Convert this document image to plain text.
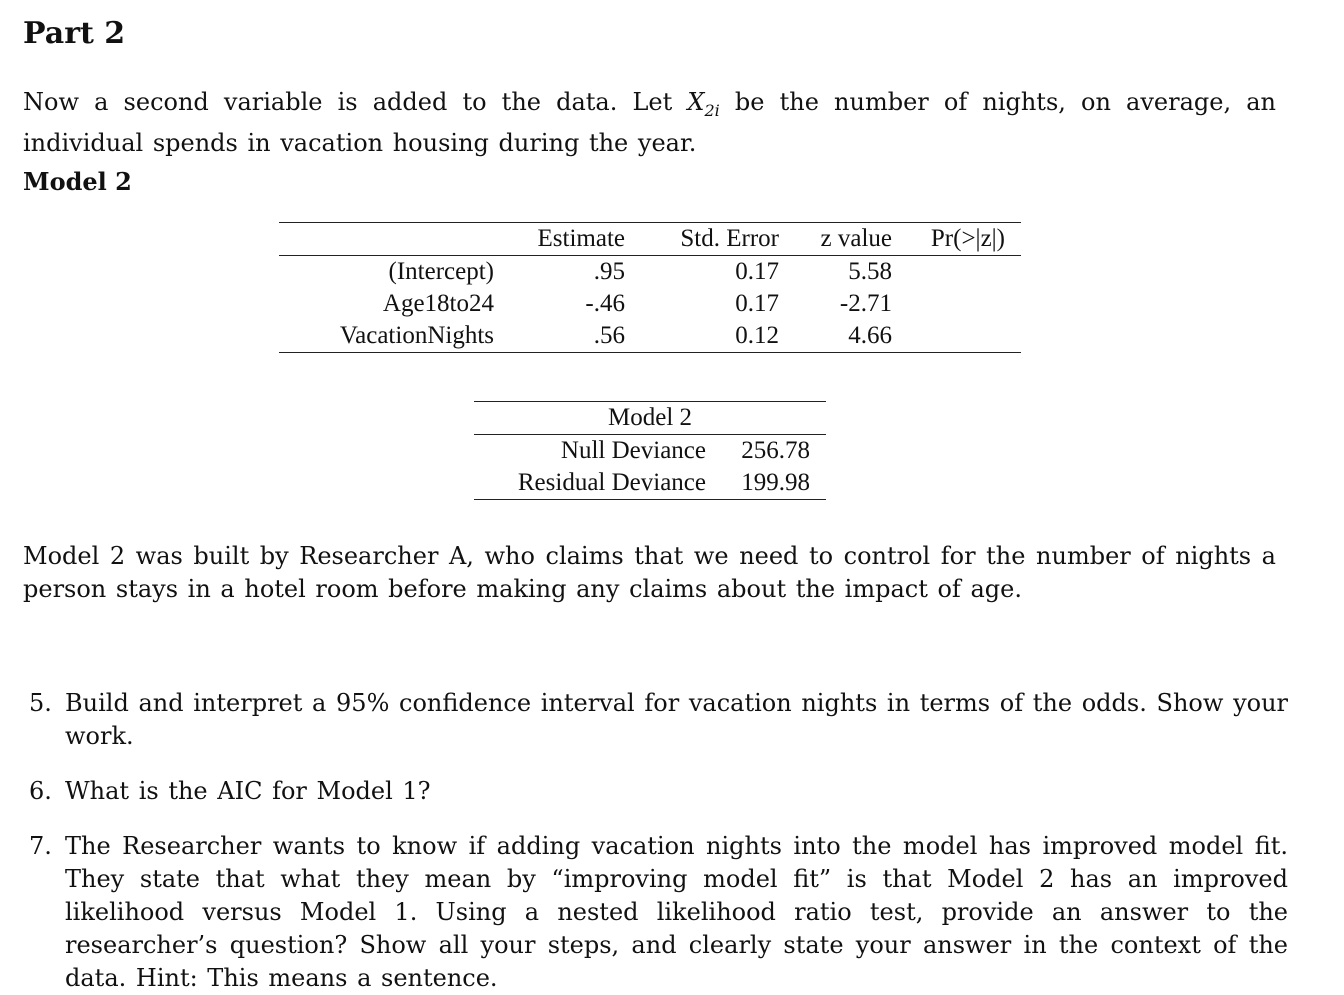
Part 2
Now a second variable is added to the data. Let $X_{2i}$ be the number of nights, on average, an individual spends in vacation housing during the year.
Model 2
	Estimate	Std. Error	z value	Pr(>|z|)
(Intercept)	.95	0.17	5.58	
Age18to24	-.46	0.17	-2.71	
VacationNights	.56	0.12	4.66	
Model 2	
Null Deviance	256.78
Residual Deviance	199.98
Model 2 was built by Researcher A, who claims that we need to control for the number of nights a person stays in a hotel room before making any claims about the impact of age.
5. Build and interpret a 95% confidence interval for vacation nights in terms of the odds. Show your work.
6. What is the AIC for Model 1?
7. The Researcher wants to know if adding vacation nights into the model has improved model fit. They state that what they mean by “improving model fit” is that Model 2 has an improved likelihood versus Model 1. Using a nested likelihood ratio test, provide an answer to the researcher’s question? Show all your steps, and clearly state your answer in the context of the data. Hint: This means a sentence.
